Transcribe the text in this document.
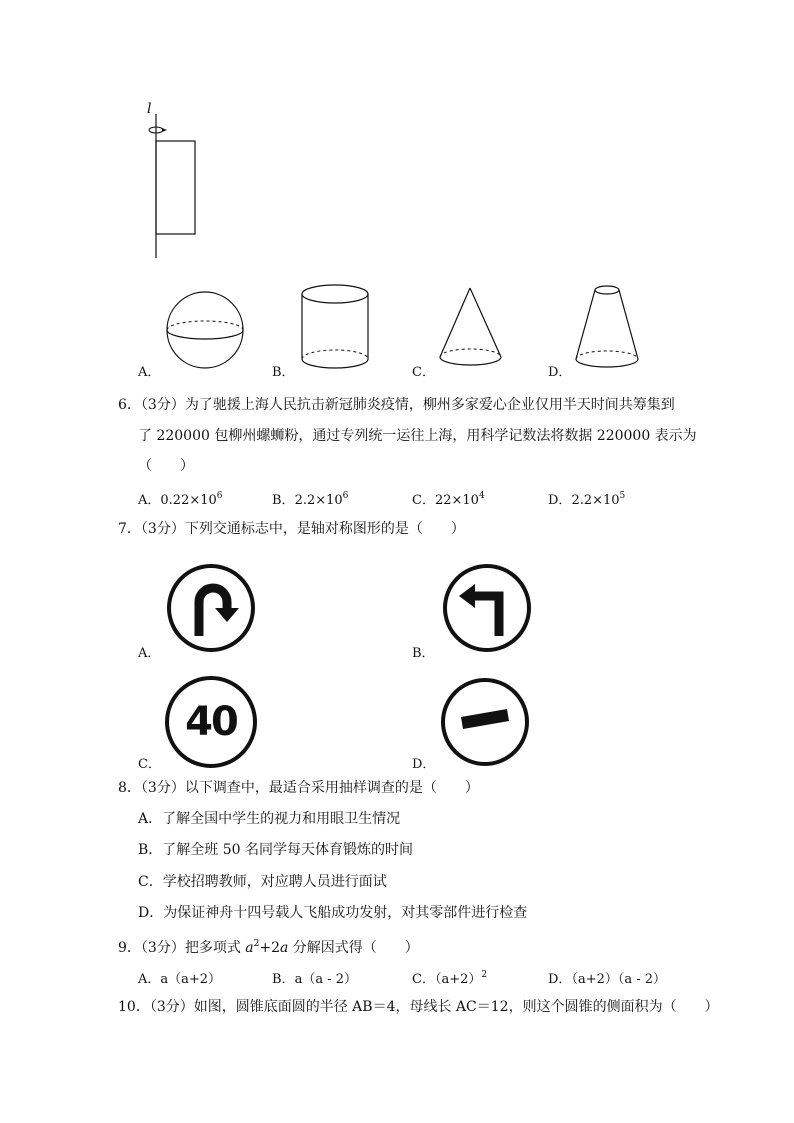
l
A．	B．	C．	D．
6．（3分）为了驰援上海人民抗击新冠肺炎疫情，柳州多家爱心企业仅用半天时间共筹集到
了 220000 包柳州螺蛳粉，通过专列统一运往上海，用科学记数法将数据 220000 表示为
（　　）
A．$0.22\times 10^6$	B．$2.2\times 10^6$	C．$22\times 10^4$	D．$2.2\times 10^5$
7．（3分）下列交通标志中，是轴对称图形的是（　　）
A．	B．
40
C．	D．
8．（3分）以下调查中，最适合采用抽样调查的是（　　）
A．了解全国中学生的视力和用眼卫生情况
B．了解全班 50 名同学每天体育锻炼的时间
C．学校招聘教师，对应聘人员进行面试
D．为保证神舟十四号载人飞船成功发射，对其零部件进行检查
9．（3分）把多项式 $a^2+2a$ 分解因式得（　　）
A．a（a+2）	B．a（a - 2）	C．$(a+2)^2$	D．（a+2）（a - 2）
10．（3分）如图，圆锥底面圆的半径 AB＝4，母线长 AC＝12，则这个圆锥的侧面积为（　　）
